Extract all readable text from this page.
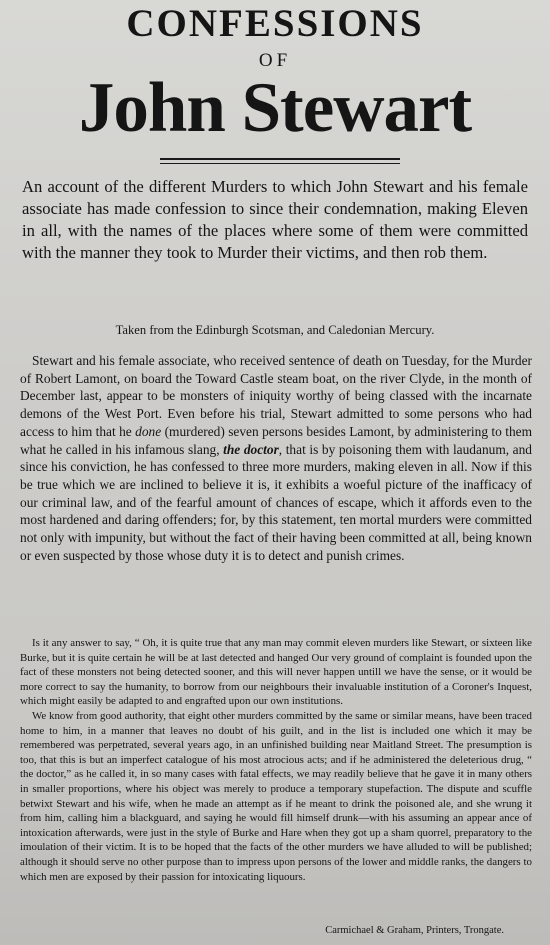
CONFESSIONS
OF
John Stewart
An account of the different Murders to which John Stewart and his female associate has made confession to since their condemnation, making Eleven in all, with the names of the places where some of them were committed with the manner they took to Murder their victims, and then rob them.
Taken from the Edinburgh Scotsman, and Caledonian Mercury.

Stewart and his female associate, who received sentence of death on Tuesday, for the Murder of Robert Lamont, on board the Toward Castle steam boat, on the river Clyde, in the month of December last, appear to be monsters of iniquity worthy of being classed with the incarnate demons of the West Port. Even before his trial, Stewart admitted to some persons who had access to him that he done (murdered) seven persons besides Lamont, by administering to them what he called in his infamous slang, the doctor, that is by poisoning them with laudanum, and since his conviction, he has confessed to three more murders, making eleven in all. Now if this be true which we are inclined to believe it is, it exhibits a woeful picture of the inafficacy of our criminal law, and of the fearful amount of chances of escape, which it affords even to the most hardened and daring offenders; for, by this statement, ten mortal murders were committed not only with impunity, but without the fact of their having been committed at all, being known or even suspected by those whose duty it is to detect and punish crimes.

Is it any answer to say, “ Oh, it is quite true that any man may commit eleven murders like Stewart, or sixteen like Burke, but it is quite certain he will be at last detected and hanged Our very ground of complaint is founded upon the fact of these monsters not being detected sooner, and this will never happen untill we have the sense, or it would be more correct to say the humanity, to borrow from our neighbours their invaluable institution of a Coroner's Inquest, which might easily be adapted to and engrafted upon our own institutions.

We know from good authority, that eight other murders committed by the same or similar means, have been traced home to him, in a manner that leaves no doubt of his guilt, and in the list is included one which it may be remembered was perpetrated, several years ago, in an unfinished building near Maitland Street. The presumption is too, that this is but an imperfect catalogue of his most atrocious acts; and if he administered the deleterious drug, “ the doctor,” as he called it, in so many cases with fatal effects, we may readily believe that he gave it in many others in smaller proportions, where his object was merely to produce a temporary stupefaction. The dispute and scuffle betwixt Stewart and his wife, when he made an attempt as if he meant to drink the poisoned ale, and she wrung it from him, calling him a blackguard, and saying he would fill himself drunk—with his assuming an appear ance of intoxication afterwards, were just in the style of Burke and Hare when they got up a sham quorrel, preparatory to the imoulation of their victim. It is to be hoped that the facts of the other murders we have alluded to will be published; although it should serve no other purpose than to impress upon persons of the lower and middle ranks, the dangers to which men are exposed by their passion for intoxicating liquours.

Carmichael & Graham, Printers, Trongate.
